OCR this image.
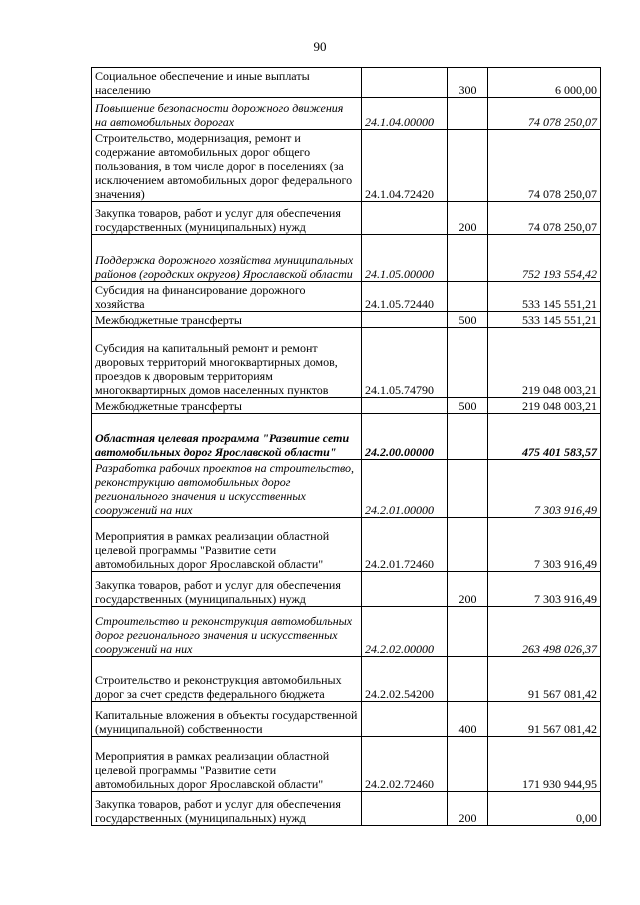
90
Социальное обеспечение и иные выплаты населению		300	6 000,00
Повышение безопасности дорожного движения на автомобильных дорогах	24.1.04.00000		74 078 250,07
Строительство, модернизация, ремонт и содержание автомобильных дорог общего пользования, в том числе дорог в поселениях (за исключением автомобильных дорог федерального значения)	24.1.04.72420		74 078 250,07
Закупка товаров, работ и услуг для обеспечения государственных (муниципальных) нужд		200	74 078 250,07
Поддержка дорожного хозяйства муниципальных районов (городских округов) Ярославской области	24.1.05.00000		752 193 554,42
Субсидия на финансирование дорожного хозяйства	24.1.05.72440		533 145 551,21
Межбюджетные трансферты		500	533 145 551,21
Субсидия на капитальный ремонт и ремонт дворовых территорий многоквартирных домов, проездов к дворовым территориям многоквартирных домов населенных пунктов	24.1.05.74790		219 048 003,21
Межбюджетные трансферты		500	219 048 003,21
Областная целевая программа "Развитие сети автомобильных дорог Ярославской области"	24.2.00.00000		475 401 583,57
Разработка рабочих проектов на строительство, реконструкцию автомобильных дорог регионального значения и искусственных сооружений на них	24.2.01.00000		7 303 916,49
Мероприятия в рамках реализации областной целевой программы "Развитие сети автомобильных дорог Ярославской области"	24.2.01.72460		7 303 916,49
Закупка товаров, работ и услуг для обеспечения государственных (муниципальных) нужд		200	7 303 916,49
Строительство и реконструкция автомобильных дорог регионального значения и искусственных сооружений на них	24.2.02.00000		263 498 026,37
Строительство и реконструкция автомобильных дорог за счет средств федерального бюджета	24.2.02.54200		91 567 081,42
Капитальные вложения в объекты государственной (муниципальной) собственности		400	91 567 081,42
Мероприятия в рамках реализации областной целевой программы "Развитие сети автомобильных дорог Ярославской области"	24.2.02.72460		171 930 944,95
Закупка товаров, работ и услуг для обеспечения государственных (муниципальных) нужд		200	0,00
